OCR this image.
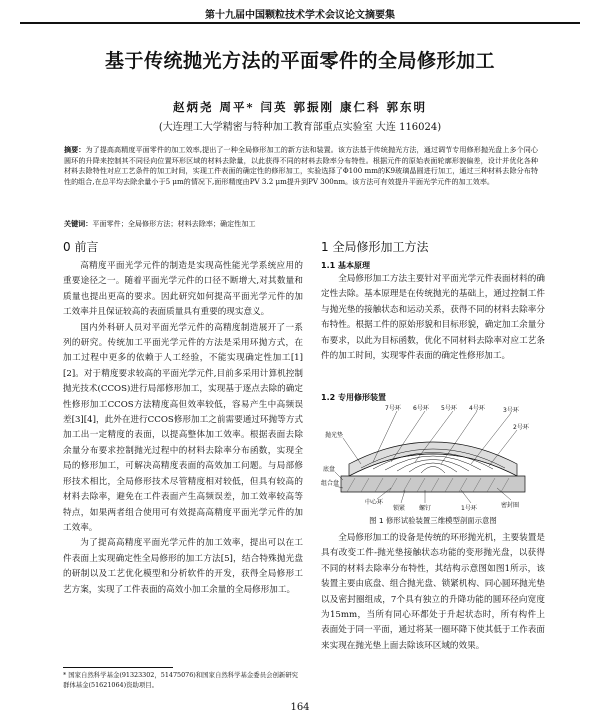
第十九届中国颗粒技术学术会议论文摘要集
基于传统抛光方法的平面零件的全局修形加工
赵炳尧 周平* 闫英 郭振刚 康仁科 郭东明
(大连理工大学精密与特种加工教育部重点实验室 大连 116024)
摘要：为了提高高精度平面零件的加工效率,提出了一种全局修形加工的新方法和装置。该方法基于传统抛光方法，通过调节专用修形抛光盘上多个同心圆环的升降来控制其不同径向位置环形区域的材料去除量，以此获得不同的材料去除率分布特性。根据元件的原始表面轮廓形貌偏差，设计并优化各种材料去除特性对应工艺条件的加工时间，实现工件表面的确定性的修形加工，实验选择了Φ100 mm的K9玻璃晶圆进行加工，通过三种材料去除分布特性的组合,在总平均去除余量小于5 μm的情况下,面形精度由PV 3.2 μm提升到PV 300nm。该方法可有效提升平面光学元件的加工效率。
关键词：平面零件；全局修形方法；材料去除率；确定性加工
0 前言

高精度平面光学元件的制造是实现高性能光学系统应用的重要途径之一。随着平面光学元件的口径不断增大,对其数量和质量也提出更高的要求。因此研究如何提高平面光学元件的加工效率并且保证较高的表面质量具有重要的现实意义。

国内外科研人员对平面光学元件的高精度制造展开了一系列的研究。传统加工平面光学元件的方法是采用环抛方式，在加工过程中更多的依赖于人工经验，不能实现确定性加工[1][2]。对于精度要求较高的平面光学元件,目前多采用计算机控制抛光技术(CCOS)进行局部修形加工，实现基于逐点去除的确定性修形加工CCOS方法精度高但效率较低，容易产生中高频误差[3][4]，此外在进行CCOS修形加工之前需要通过环抛等方式加工出一定精度的表面，以提高整体加工效率。根据表面去除余量分布要求控制抛光过程中的材料去除率分布函数，实现全局的修形加工，可解决高精度表面的高效加工问题。与局部修形技术相比，全局修形技术尽管精度相对较低，但具有较高的材料去除率，避免在工件表面产生高频误差，加工效率较高等特点，如果两者组合使用可有效提高高精度平面光学元件的加工效率。

为了提高高精度平面光学元件的加工效率，提出可以在工件表面上实现确定性全局修形的加工方法[5]，结合特殊抛光盘的研制以及工艺优化模型和分析软件的开发，获得全局修形工艺方案，实现了工件表面的高效小加工余量的全局修形加工。

* 国家自然科学基金(91323302，51475076)和国家自然科学基金委员会创新研究群体基金(51621064)资助项目。
1 全局修形加工方法
1.1 基本原理

全局修形加工方法主要针对平面光学元件表面材料的确定性去除。基本原理是在传统抛光的基础上，通过控制工件与抛光垫的接触状态和运动关系，获得不同的材料去除率分布特性。根据工件的原始形貌和目标形貌，确定加工余量分布要求，以此为目标函数，优化不同材料去除率对应工艺条件的加工时间，实现零件表面的确定性修形加工。

1.2 专用修形装置
7号环 6号环 5号环 4号环	3号环
2号环
抛光垫
底盘
组合盘
中心环
锁紧 螺钉	1号环	密封圈
图 1 修形试验装置三维模型剖面示意图

全局修形加工的设备是传统的环形抛光机，主要装置是具有改变工件-抛光垫接触状态功能的变形抛光盘，以获得不同的材料去除率分布特性，其结构示意图如图1所示，该装置主要由底盘、组合抛光盘、锁紧机构、同心圆环抛光垫以及密封圈组成，7个具有独立的升降功能的圆环径向宽度为15mm，当所有同心环都处于升起状态时，所有构件上表面处于同一平面，通过将某一圈环降下使其低于工作表面来实现在抛光垫上面去除该环区域的效果。

164
